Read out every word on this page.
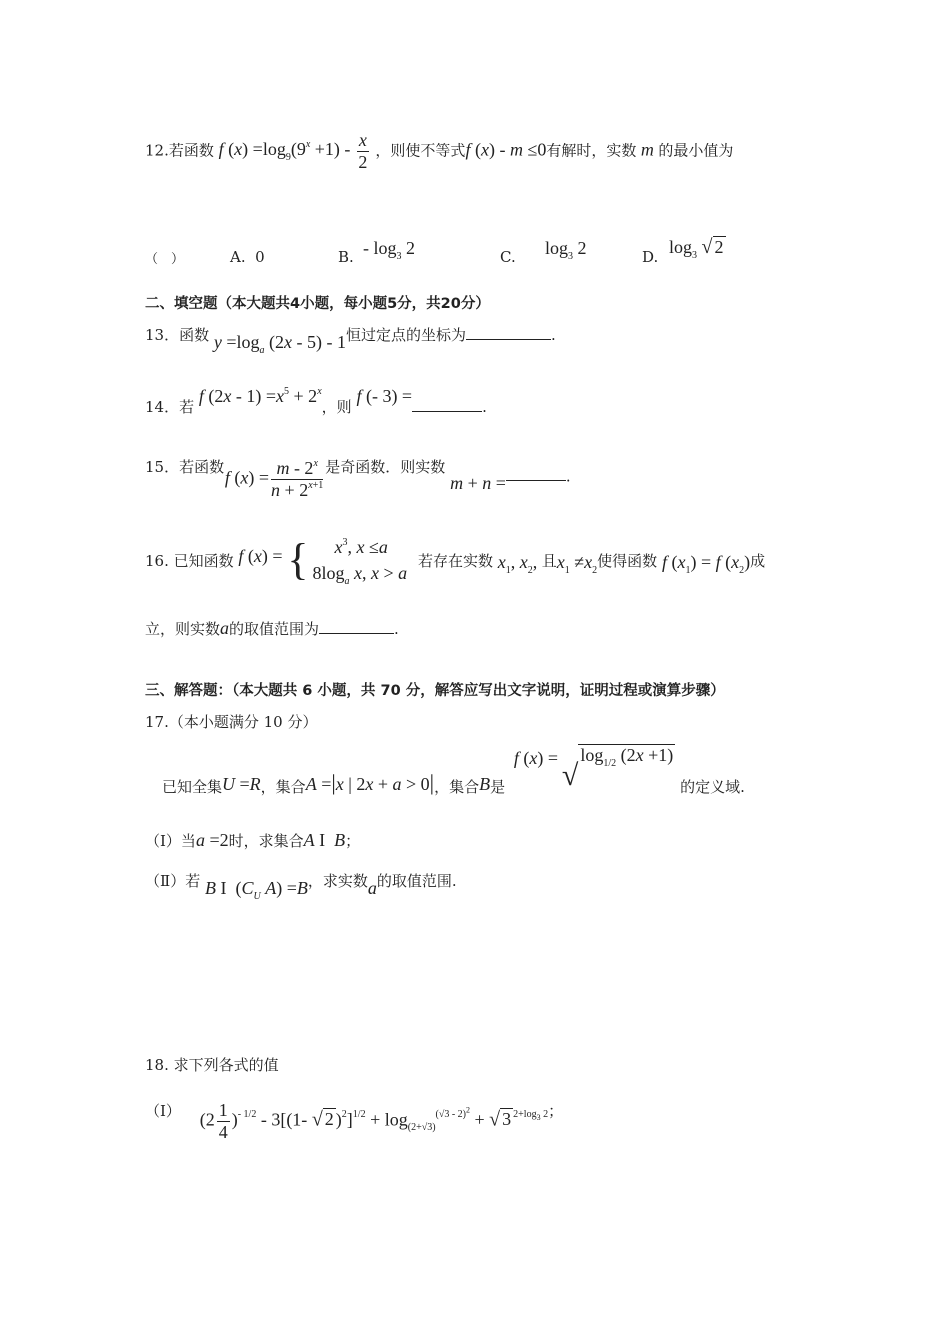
12.若函数 f $(x) =\log_9(9^x +1) - \frac{x}{2}$ ，则使不等式f (x) - m ≤0有解时，实数 m 的最小值为
（　）	A. 0	B. - $\log_3 2$	C. $\log_3 2$	D. $\log_3$ √ 2
二、填空题（本大题共4小题，每小题5分，共20分）
13．函数 $y =\log_a$ (2x - 5) - 1恒过定点的坐标为	.
14．若 f $(2x - 1) =x^5 + 2^x$，则 f (- 3) =.
15．若函数 f $(x) = \frac{m - 2^x}{n + 2^{x+1}}$ 是奇函数．则实数 m + n =	.
16. 已知函数 f (x) = {	$x^3$, x ≤a
$8\log_a$ x, x > a
若存在实数 $x_1$, $x_2$, 且$x_1 \ne x_2$使得函数 f $(x_1) = f$ $(x_2)$成
立，则实数a的取值范围为	.
三、解答题：（本大题共 6 小题，共 70 分，解答应写出文字说明，证明过程或演算步骤）
17.（本小题满分 10 分）
已知全集U =R，集合A =|x | 2x + a > 0|，集合B是 f (x) =
$√\log_{1/2}$ (2x +1) 的定义域.
（Ⅰ）当a =2时，求集合A I  B；
（Ⅱ）若 B I  ($C_U$ A) =B，求实数a的取值范围.
18. 求下列各式的值
（Ⅰ） $(2 \frac{1}{4} )^{- 1/2} - 3[(1-$ √ 2 )$^2]^{1/2} + \log_{(2+√3)}^{(√3 - 2)^2}$ + √ 3 $^{2+log_3 2}$；
